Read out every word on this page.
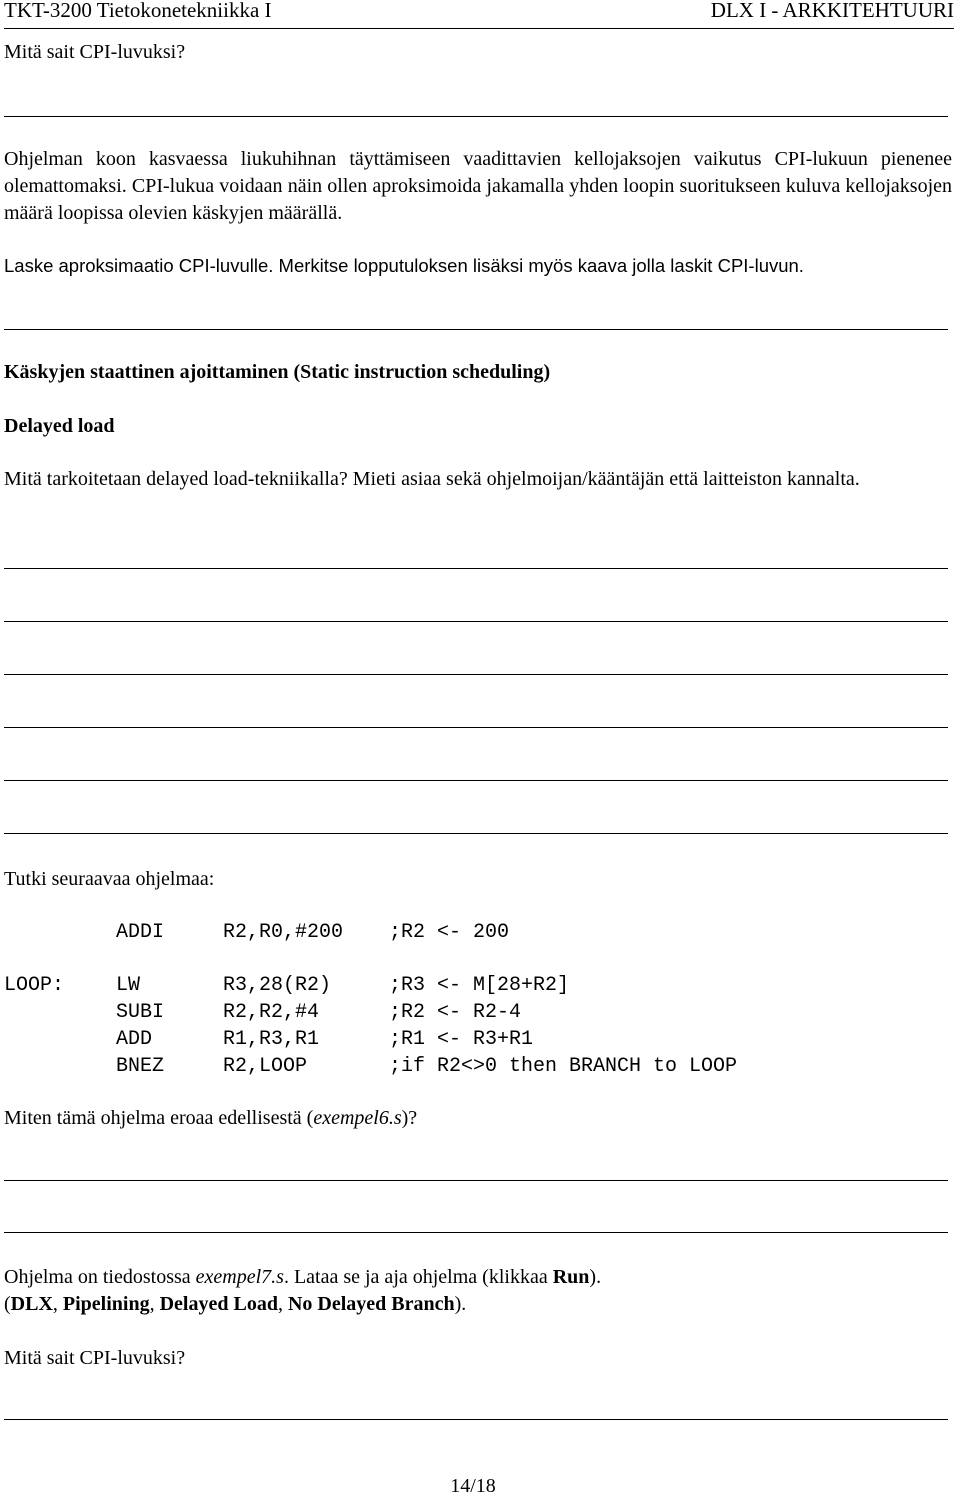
TKT-3200 Tietokonetekniikka I	DLX I - ARKKITEHTUURI
Mitä sait CPI-luvuksi?
Ohjelman koon kasvaessa liukuhihnan täyttämiseen vaadittavien kellojaksojen vaikutus CPI-lukuun pienenee olemattomaksi. CPI-lukua voidaan näin ollen aproksimoida jakamalla yhden loopin suoritukseen kuluva kellojaksojen määrä loopissa olevien käskyjen määrällä.
Laske aproksimaatio CPI-luvulle. Merkitse lopputuloksen lisäksi myös kaava jolla laskit CPI-luvun.
Käskyjen staattinen ajoittaminen (Static instruction scheduling)
Delayed load
Mitä tarkoitetaan delayed load-tekniikalla? Mieti asiaa sekä ohjelmoijan/kääntäjän että laitteiston kannalta.
Tutki seuraavaa ohjelmaa:
ADDI	R2,R0,#200 ;R2 <- 200
LOOP:	LW	R3,28(R2)	;R3 <- M[28+R2]
SUBI	R2,R2,#4	;R2 <- R2-4
ADD	R1,R3,R1	;R1 <- R3+R1
BNEZ	R2,LOOP	;if R2<>0 then BRANCH to LOOP
Miten tämä ohjelma eroaa edellisestä (exempel6.s)?
Ohjelma on tiedostossa exempel7.s. Lataa se ja aja ohjelma (klikkaa Run).
(DLX, Pipelining, Delayed Load, No Delayed Branch).
Mitä sait CPI-luvuksi?
14/18
